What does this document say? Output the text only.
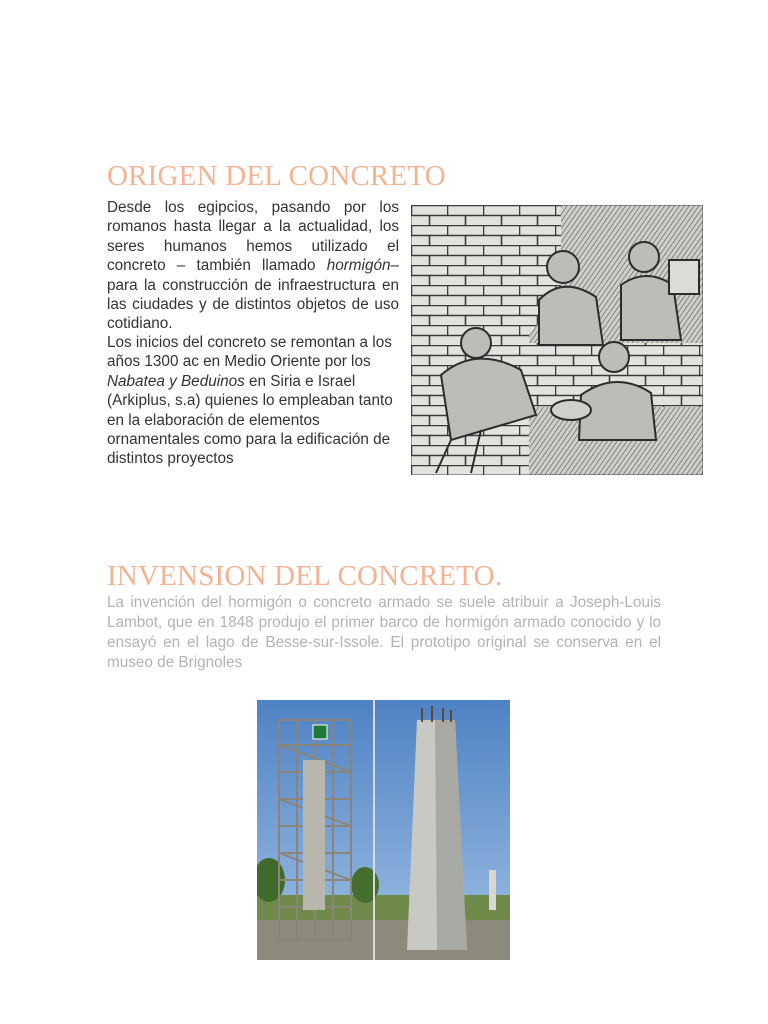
ORIGEN DEL CONCRETO

Desde los egipcios, pasando por los romanos hasta llegar a la actualidad, los seres humanos hemos utilizado el concreto – también llamado hormigón– para la construcción de infraestructura en las ciudades y de distintos objetos de uso cotidiano.

Los inicios del concreto se remontan a los años 1300 ac en Medio Oriente por los Nabatea y Beduinos en Siria e Israel (Arkiplus, s.a) quienes lo empleaban tanto en la elaboración de elementos ornamentales como para la edificación de distintos proyectos

INVENSION DEL CONCRETO.

La invención del hormigón o concreto armado se suele atribuir a Joseph-Louis Lambot, que en 1848 produjo el primer barco de hormigón armado conocido y lo ensayó en el lago de Besse-sur-Issole. El prototipo original se conserva en el museo de Brignoles
